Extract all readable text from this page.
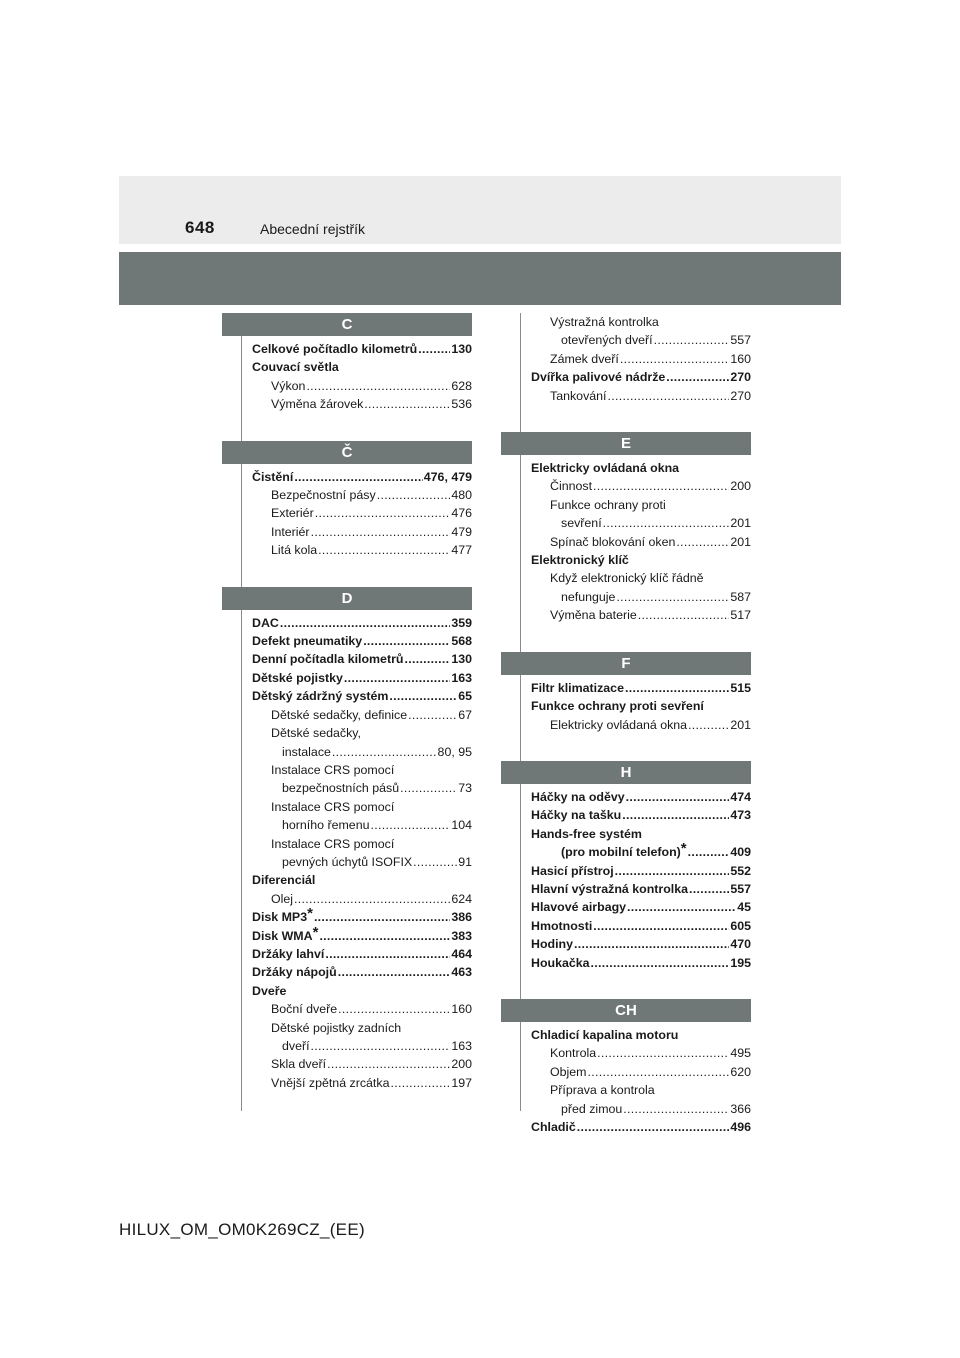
648	Abecední rejstřík
C
Celkové počítadlo kilometrů .....	130
Couvací světla
Výkon .....	628
Výměna žárovek .....	536
Č
Čistění .....	476, 479
Bezpečnostní pásy .....	480
Exteriér .....	476
Interiér .....	479
Litá kola .....	477
D
DAC .....	359
Defekt pneumatiky .....	568
Denní počítadla kilometrů .....	130
Dětské pojistky .....	163
Dětský zádržný systém .....	65
Dětské sedačky, definice .....	67
Dětské sedačky,
instalace .....	80, 95
Instalace CRS pomocí
bezpečnostních pásů .....	73
Instalace CRS pomocí
horního řemenu .....	104
Instalace CRS pomocí
pevných úchytů ISOFIX .....	91
Diferenciál
Olej .....	624
Disk MP3* .....	386
Disk WMA* .....	383
Držáky lahví .....	464
Držáky nápojů .....	463
Dveře
Boční dveře .....	160
Dětské pojistky zadních
dveří .....	163
Skla dveří .....	200
Vnější zpětná zrcátka .....	197
Výstražná kontrolka
otevřených dveří .....	557
Zámek dveří .....	160
Dvířka palivové nádrže .....	270
Tankování .....	270
E
Elektricky ovládaná okna
Činnost .....	200
Funkce ochrany proti
sevření .....	201
Spínač blokování oken .....	201
Elektronický klíč
Když elektronický klíč řádně
nefunguje .....	587
Výměna baterie .....	517
F
Filtr klimatizace .....	515
Funkce ochrany proti sevření
Elektricky ovládaná okna .....	201
H
Háčky na oděvy .....	474
Háčky na tašku .....	473
Hands-free systém
(pro mobilní telefon)* .....	409
Hasicí přístroj .....	552
Hlavní výstražná kontrolka .....	557
Hlavové airbagy .....	45
Hmotnosti .....	605
Hodiny .....	470
Houkačka .....	195
CH
Chladicí kapalina motoru
Kontrola .....	495
Objem .....	620
Příprava a kontrola
před zimou .....	366
Chladič .....	496
HILUX_OM_OM0K269CZ_(EE)
